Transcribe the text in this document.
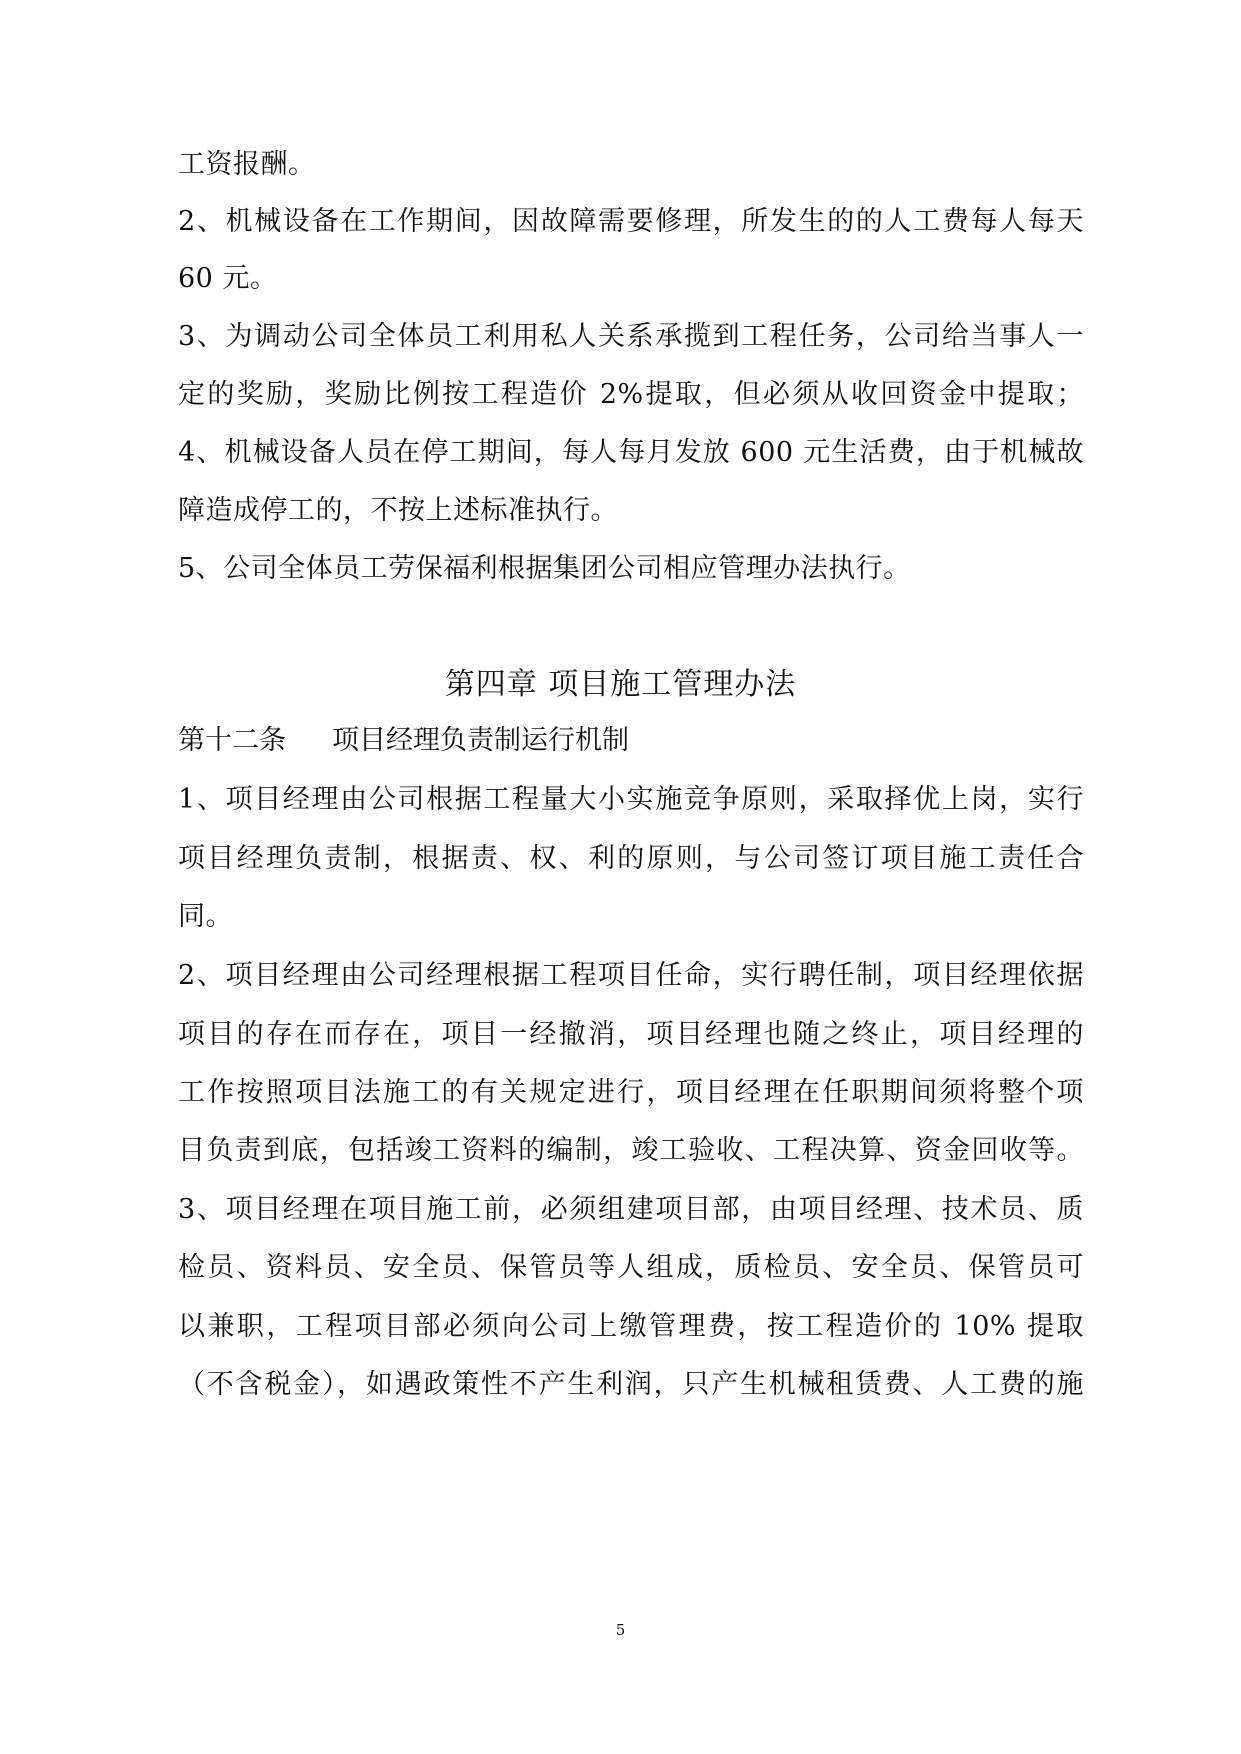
工资报酬。
2、机械设备在工作期间，因故障需要修理，所发生的的人工费每人每天
60 元。
3、为调动公司全体员工利用私人关系承揽到工程任务，公司给当事人一
定的奖励，奖励比例按工程造价 2%提取，但必须从收回资金中提取；
4、机械设备人员在停工期间，每人每月发放 600 元生活费，由于机械故
障造成停工的，不按上述标准执行。
5、公司全体员工劳保福利根据集团公司相应管理办法执行。
第四章 项目施工管理办法
第十二条 项目经理负责制运行机制
1、项目经理由公司根据工程量大小实施竞争原则，采取择优上岗，实行
项目经理负责制，根据责、权、利的原则，与公司签订项目施工责任合
同。
2、项目经理由公司经理根据工程项目任命，实行聘任制，项目经理依据
项目的存在而存在，项目一经撤消，项目经理也随之终止，项目经理的
工作按照项目法施工的有关规定进行，项目经理在任职期间须将整个项
目负责到底，包括竣工资料的编制，竣工验收、工程决算、资金回收等。
3、项目经理在项目施工前，必须组建项目部，由项目经理、技术员、质
检员、资料员、安全员、保管员等人组成，质检员、安全员、保管员可
以兼职，工程项目部必须向公司上缴管理费，按工程造价的 10% 提取
（不含税金），如遇政策性不产生利润，只产生机械租赁费、人工费的施
5
